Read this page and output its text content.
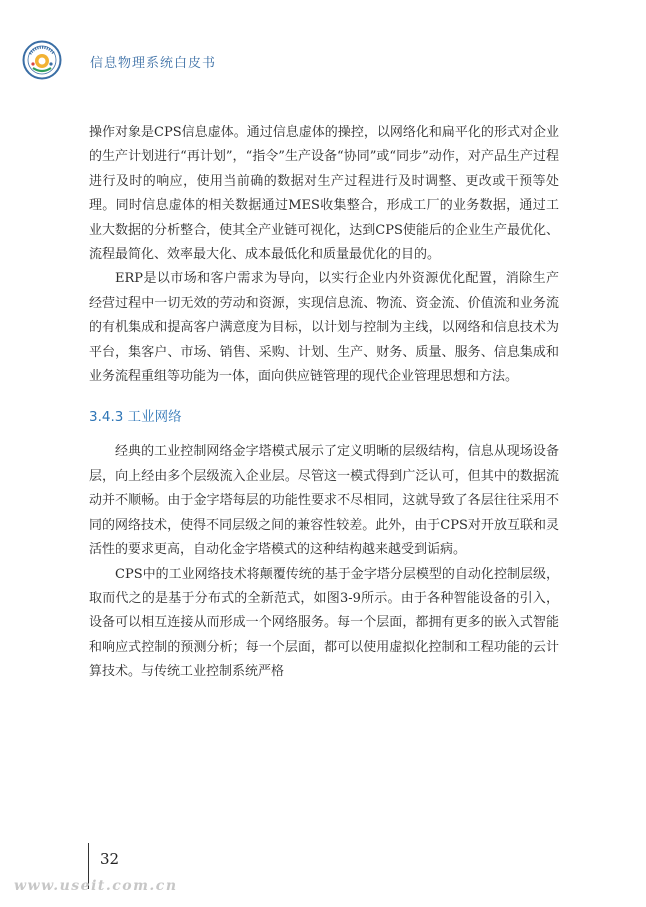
信息物理系统白皮书

操作对象是CPS信息虚体。通过信息虚体的操控，以网络化和扁平化的形式对企业的生产计划进行“再计划”，“指令”生产设备“协同”或“同步”动作，对产品生产过程进行及时的响应，使用当前确的数据对生产过程进行及时调整、更改或干预等处理。同时信息虚体的相关数据通过MES收集整合，形成工厂的业务数据，通过工业大数据的分析整合，使其全产业链可视化，达到CPS使能后的企业生产最优化、流程最简化、效率最大化、成本最低化和质量最优化的目的。

ERP是以市场和客户需求为导向，以实行企业内外资源优化配置，消除生产经营过程中一切无效的劳动和资源，实现信息流、物流、资金流、价值流和业务流的有机集成和提高客户满意度为目标，以计划与控制为主线，以网络和信息技术为平台，集客户、市场、销售、采购、计划、生产、财务、质量、服务、信息集成和业务流程重组等功能为一体，面向供应链管理的现代企业管理思想和方法。

3.4.3 工业网络

经典的工业控制网络金字塔模式展示了定义明晰的层级结构，信息从现场设备层，向上经由多个层级流入企业层。尽管这一模式得到广泛认可，但其中的数据流动并不顺畅。由于金字塔每层的功能性要求不尽相同，这就导致了各层往往采用不同的网络技术，使得不同层级之间的兼容性较差。此外，由于CPS对开放互联和灵活性的要求更高，自动化金字塔模式的这种结构越来越受到诟病。

CPS中的工业网络技术将颠覆传统的基于金字塔分层模型的自动化控制层级，取而代之的是基于分布式的全新范式，如图3-9所示。由于各种智能设备的引入，设备可以相互连接从而形成一个网络服务。每一个层面，都拥有更多的嵌入式智能和响应式控制的预测分析；每一个层面，都可以使用虚拟化控制和工程功能的云计算技术。与传统工业控制系统严格

32
www.useit.com.cn
